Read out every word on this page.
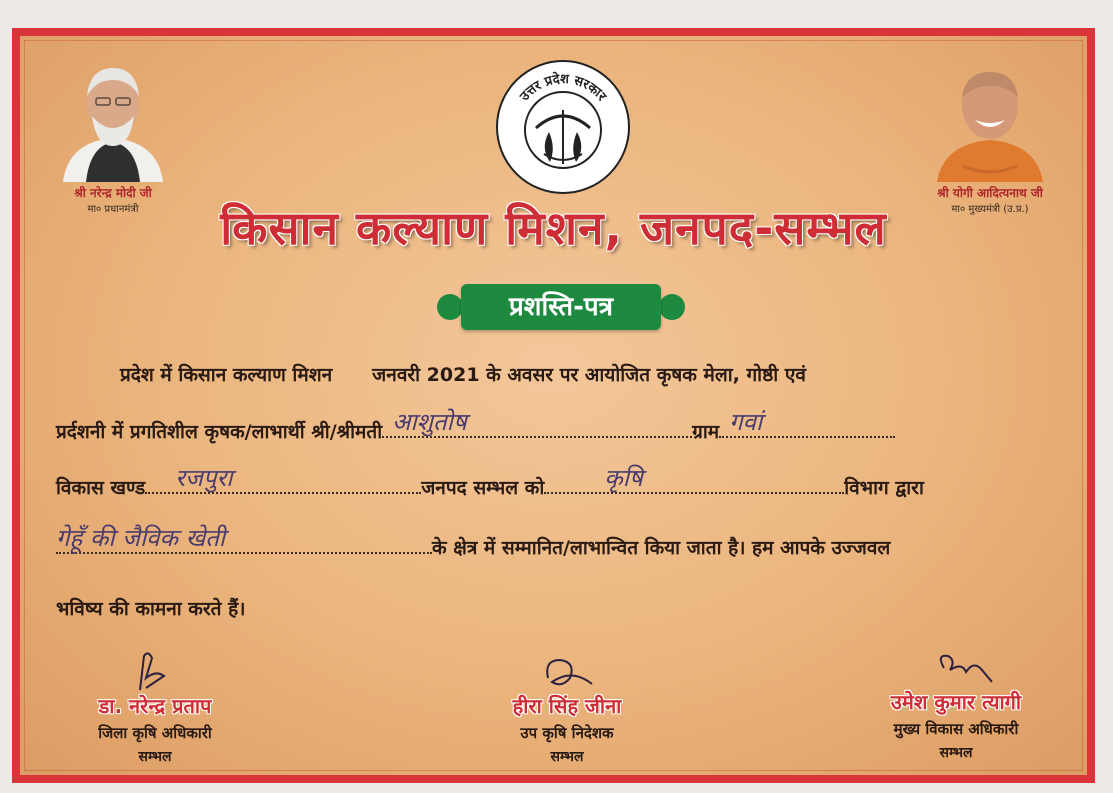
श्री नरेन्द्र मोदी जी
मा० प्रधानमंत्री
उत्तर प्रदेश सरकार
श्री योगी आदित्यनाथ जी
मा० मुख्यमंत्री (उ.प्र.)
किसान कल्याण मिशन, जनपद-सम्भल
प्रशस्ति-पत्र
प्रदेश में किसान कल्याण मिशन जनवरी 2021 के अवसर पर आयोजित कृषक मेला, गोष्ठी एवं
प्रर्दशनी में प्रगतिशील कृषक/लाभार्थी श्री/श्रीमती आशुतोष	ग्राम गवां
विकास खण्ड रजपुरा	जनपद सम्भल को	कृषि	विभाग द्वारा
गेहूँ की जैविक खेती	के क्षेत्र में सम्मानित/लाभान्वित किया जाता है। हम आपके उज्जवल
भविष्य की कामना करते हैं।
डा. नरेन्द्र प्रताप
जिला कृषि अधिकारी
सम्भल
हीरा सिंह जीना
उप कृषि निदेशक
सम्भल
उमेश कुमार त्यागी
मुख्य विकास अधिकारी
सम्भल
